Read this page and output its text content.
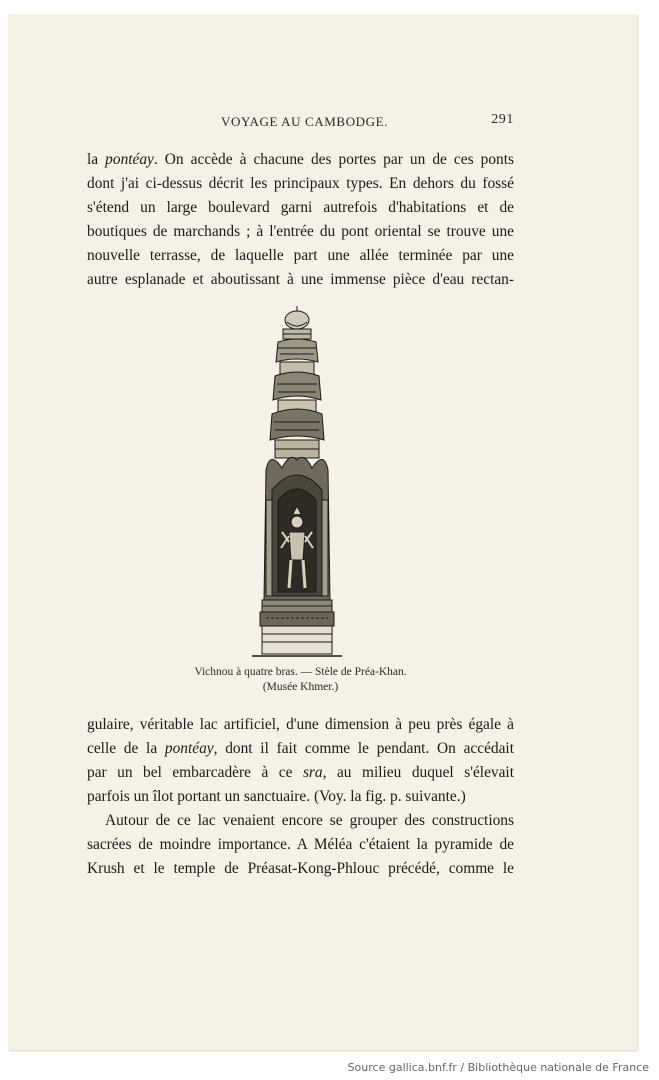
VOYAGE AU CAMBODGE.	291
la pontéay. On accède à chacune des portes par un de ces ponts
dont j'ai ci-dessus décrit les principaux types. En dehors du fossé
s'étend un large boulevard garni autrefois d'habitations et de
boutiques de marchands ; à l'entrée du pont oriental se trouve une
nouvelle terrasse, de laquelle part une allée terminée par une
autre esplanade et aboutissant à une immense pièce d'eau rectan-
Vichnou à quatre bras. — Stèle de Préa-Khan.
(Musée Khmer.)
gulaire, véritable lac artificiel, d'une dimension à peu près égale à
celle de la pontéay, dont il fait comme le pendant. On accédait
par un bel embarcadère à ce sra, au milieu duquel s'élevait
parfois un îlot portant un sanctuaire. (Voy. la fig. p. suivante.)
Autour de ce lac venaient encore se grouper des constructions
sacrées de moindre importance. A Méléa c'étaient la pyramide de
Krush et le temple de Préasat-Kong-Phlouc précédé, comme le
Source gallica.bnf.fr / Bibliothèque nationale de France
